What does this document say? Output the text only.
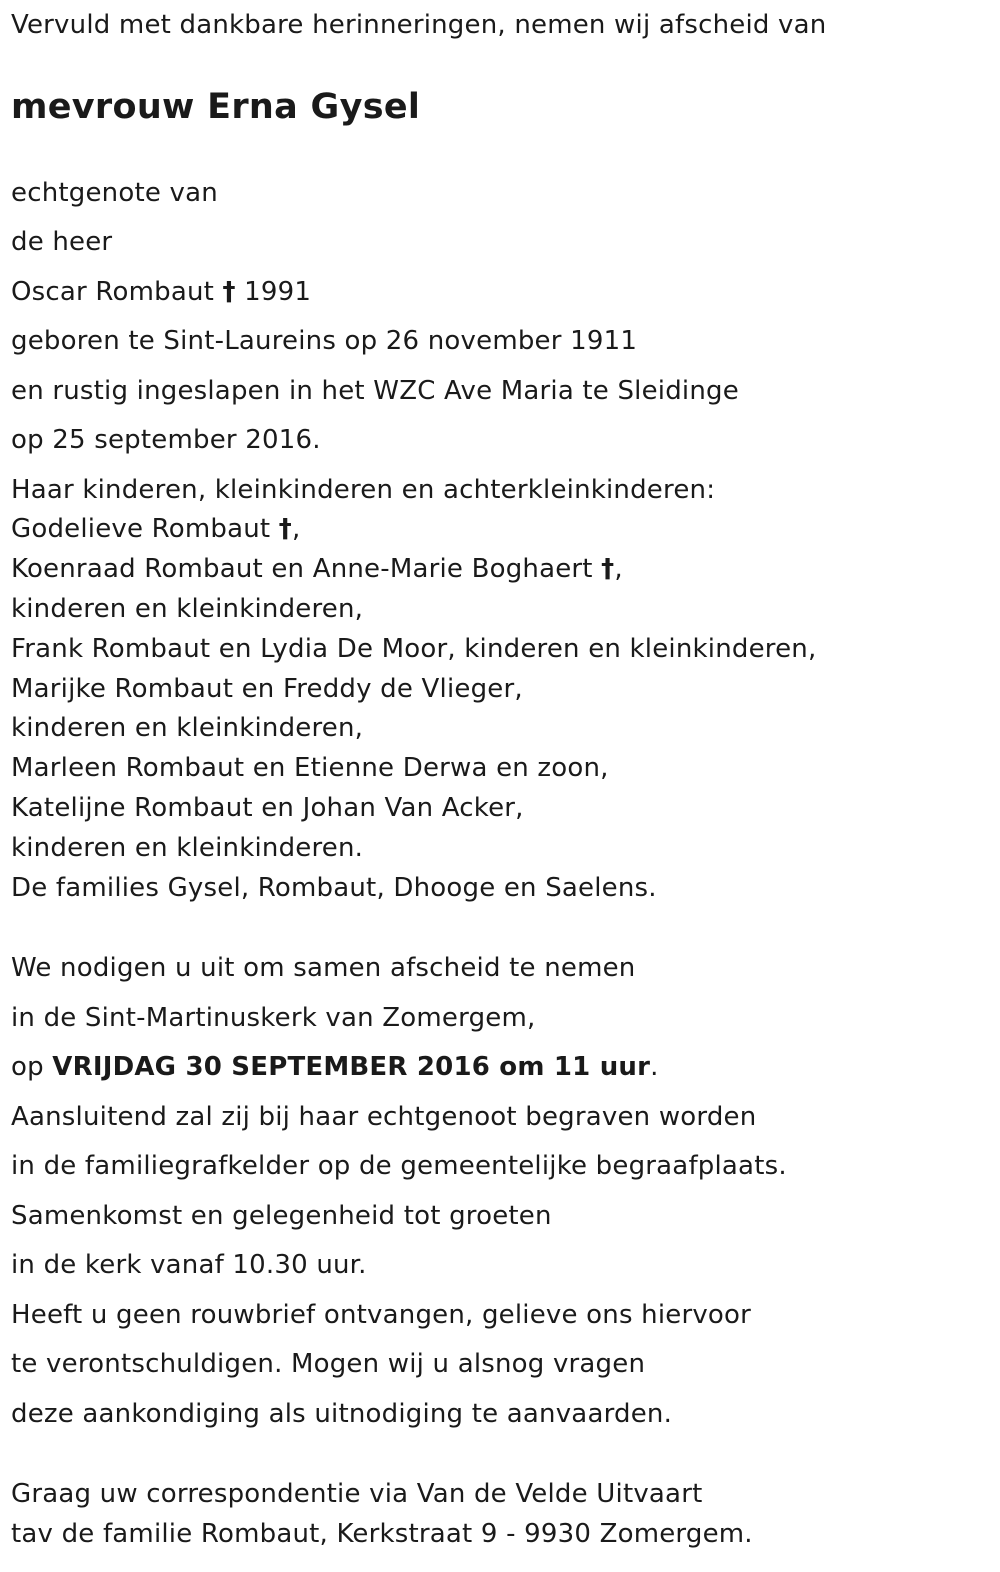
Vervuld met dankbare herinneringen, nemen wij afscheid van
mevrouw Erna Gysel
echtgenote van
de heer
Oscar Rombaut † 1991
geboren te Sint-Laureins op 26 november 1911
en rustig ingeslapen in het WZC Ave Maria te Sleidinge
op 25 september 2016.
Haar kinderen, kleinkinderen en achterkleinkinderen:
Godelieve Rombaut †,
Koenraad Rombaut en Anne-Marie Boghaert †,
kinderen en kleinkinderen,
Frank Rombaut en Lydia De Moor, kinderen en kleinkinderen,
Marijke Rombaut en Freddy de Vlieger,
kinderen en kleinkinderen,
Marleen Rombaut en Etienne Derwa en zoon,
Katelijne Rombaut en Johan Van Acker,
kinderen en kleinkinderen.
De families Gysel, Rombaut, Dhooge en Saelens.
We nodigen u uit om samen afscheid te nemen
in de Sint-Martinuskerk van Zomergem,
op VRIJDAG 30 SEPTEMBER 2016 om 11 uur.
Aansluitend zal zij bij haar echtgenoot begraven worden
in de familiegrafkelder op de gemeentelijke begraafplaats.
Samenkomst en gelegenheid tot groeten
in de kerk vanaf 10.30 uur.
Heeft u geen rouwbrief ontvangen, gelieve ons hiervoor
te verontschuldigen. Mogen wij u alsnog vragen
deze aankondiging als uitnodiging te aanvaarden.
Graag uw correspondentie via Van de Velde Uitvaart
tav de familie Rombaut, Kerkstraat 9 - 9930 Zomergem.
